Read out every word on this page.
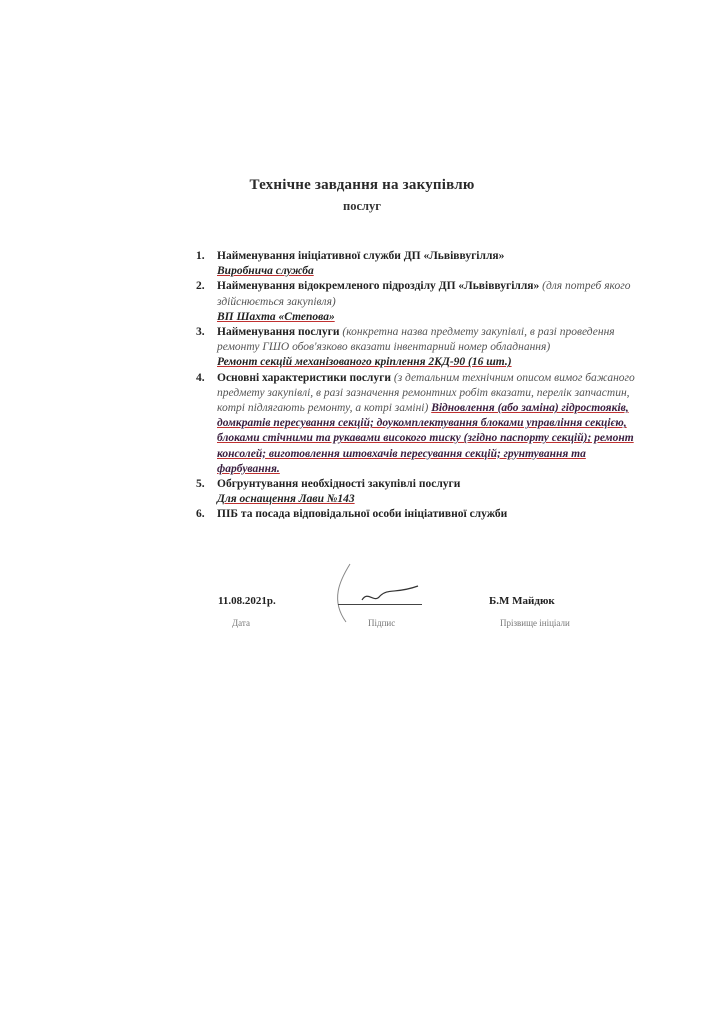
Технічне завдання на закупівлю
послуг
1. Найменування ініціативної служби ДП «Львіввугілля»
Виробнича служба
2. Найменування відокремленого підрозділу ДП «Львіввугілля» (для потреб якого здійснюється закупівля)
ВП Шахта «Степова»
3. Найменування послуги (конкретна назва предмету закупівлі, в разі проведення ремонту ГШО обов'язково вказати інвентарний номер обладнання)
Ремонт секцій механізованого кріплення 2КД-90 (16 шт.)
4. Основні характеристики послуги (з детальним технічним описом вимог бажаного предмету закупівлі, в разі зазначення ремонтних робіт вказати, перелік запчастин, котрі підлягають ремонту, а котрі заміні) Відновлення (або заміна) гідростояків, домкратів пересування секцій; доукомплектування блоками управління секцією, блоками стічними та рукавами високого тиску (згідно паспорту секцій); ремонт консолей; виготовлення штовхачів пересування секцій; грунтування та фарбування.
5. Обгрунтування необхідності закупівлі послуги
Для оснащення Лави №143
6. ПІБ та посада відповідальної особи ініціативної служби
11.08.2021р.
Дата	Підпис
Б.М Майдюк
Прізвище ініціали
